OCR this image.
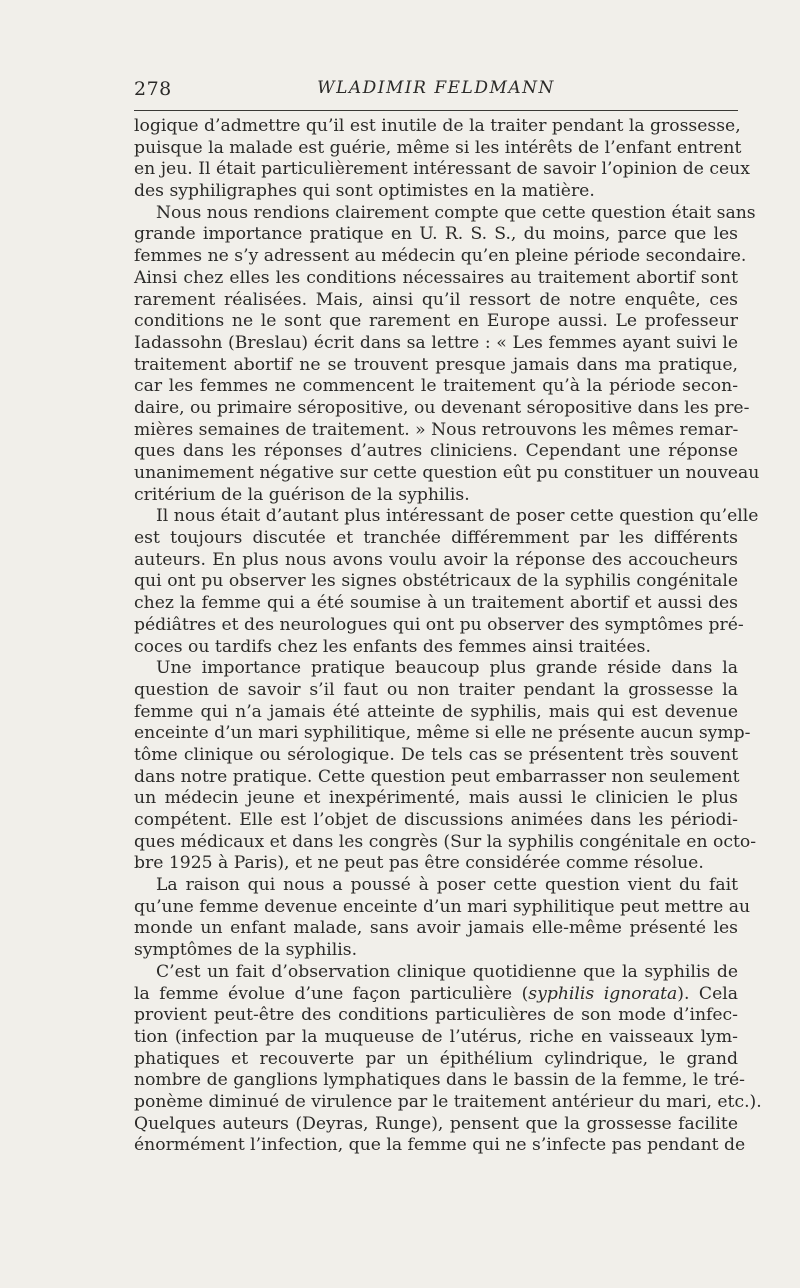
278	WLADIMIR FELDMANN
logique d’admettre qu’il est inutile de la traiter pendant la grossesse,
puisque la malade est guérie, même si les intérêts de l’enfant entrent
en jeu. Il était particulièrement intéressant de savoir l’opinion de ceux
des syphiligraphes qui sont optimistes en la matière.
Nous nous rendions clairement compte que cette question était sans
grande importance pratique en U. R. S. S., du moins, parce que les
femmes ne s’y adressent au médecin qu’en pleine période secondaire.
Ainsi chez elles les conditions nécessaires au traitement abortif sont
rarement réalisées. Mais, ainsi qu’il ressort de notre enquête, ces
conditions ne le sont que rarement en Europe aussi. Le professeur
Iadassohn (Breslau) écrit dans sa lettre : « Les femmes ayant suivi le
traitement abortif ne se trouvent presque jamais dans ma pratique,
car les femmes ne commencent le traitement qu’à la période secon-
daire, ou primaire séropositive, ou devenant séropositive dans les pre-
mières semaines de traitement. » Nous retrouvons les mêmes remar-
ques dans les réponses d’autres cliniciens. Cependant une réponse
unanimement négative sur cette question eût pu constituer un nouveau
critérium de la guérison de la syphilis.
Il nous était d’autant plus intéressant de poser cette question qu’elle
est toujours discutée et tranchée différemment par les différents
auteurs. En plus nous avons voulu avoir la réponse des accoucheurs
qui ont pu observer les signes obstétricaux de la syphilis congénitale
chez la femme qui a été soumise à un traitement abortif et aussi des
pédiâtres et des neurologues qui ont pu observer des symptômes pré-
coces ou tardifs chez les enfants des femmes ainsi traitées.
Une importance pratique beaucoup plus grande réside dans la
question de savoir s’il faut ou non traiter pendant la grossesse la
femme qui n’a jamais été atteinte de syphilis, mais qui est devenue
enceinte d’un mari syphilitique, même si elle ne présente aucun symp-
tôme clinique ou sérologique. De tels cas se présentent très souvent
dans notre pratique. Cette question peut embarrasser non seulement
un médecin jeune et inexpérimenté, mais aussi le clinicien le plus
compétent. Elle est l’objet de discussions animées dans les périodi-
ques médicaux et dans les congrès (Sur la syphilis congénitale en octo-
bre 1925 à Paris), et ne peut pas être considérée comme résolue.
La raison qui nous a poussé à poser cette question vient du fait
qu’une femme devenue enceinte d’un mari syphilitique peut mettre au
monde un enfant malade, sans avoir jamais elle-même présenté les
symptômes de la syphilis.
C’est un fait d’observation clinique quotidienne que la syphilis de
la femme évolue d’une façon particulière (syphilis ignorata). Cela
provient peut-être des conditions particulières de son mode d’infec-
tion (infection par la muqueuse de l’utérus, riche en vaisseaux lym-
phatiques et recouverte par un épithélium cylindrique, le grand
nombre de ganglions lymphatiques dans le bassin de la femme, le tré-
ponème diminué de virulence par le traitement antérieur du mari, etc.).
Quelques auteurs (Deyras, Runge), pensent que la grossesse facilite
énormément l’infection, que la femme qui ne s’infecte pas pendant de
